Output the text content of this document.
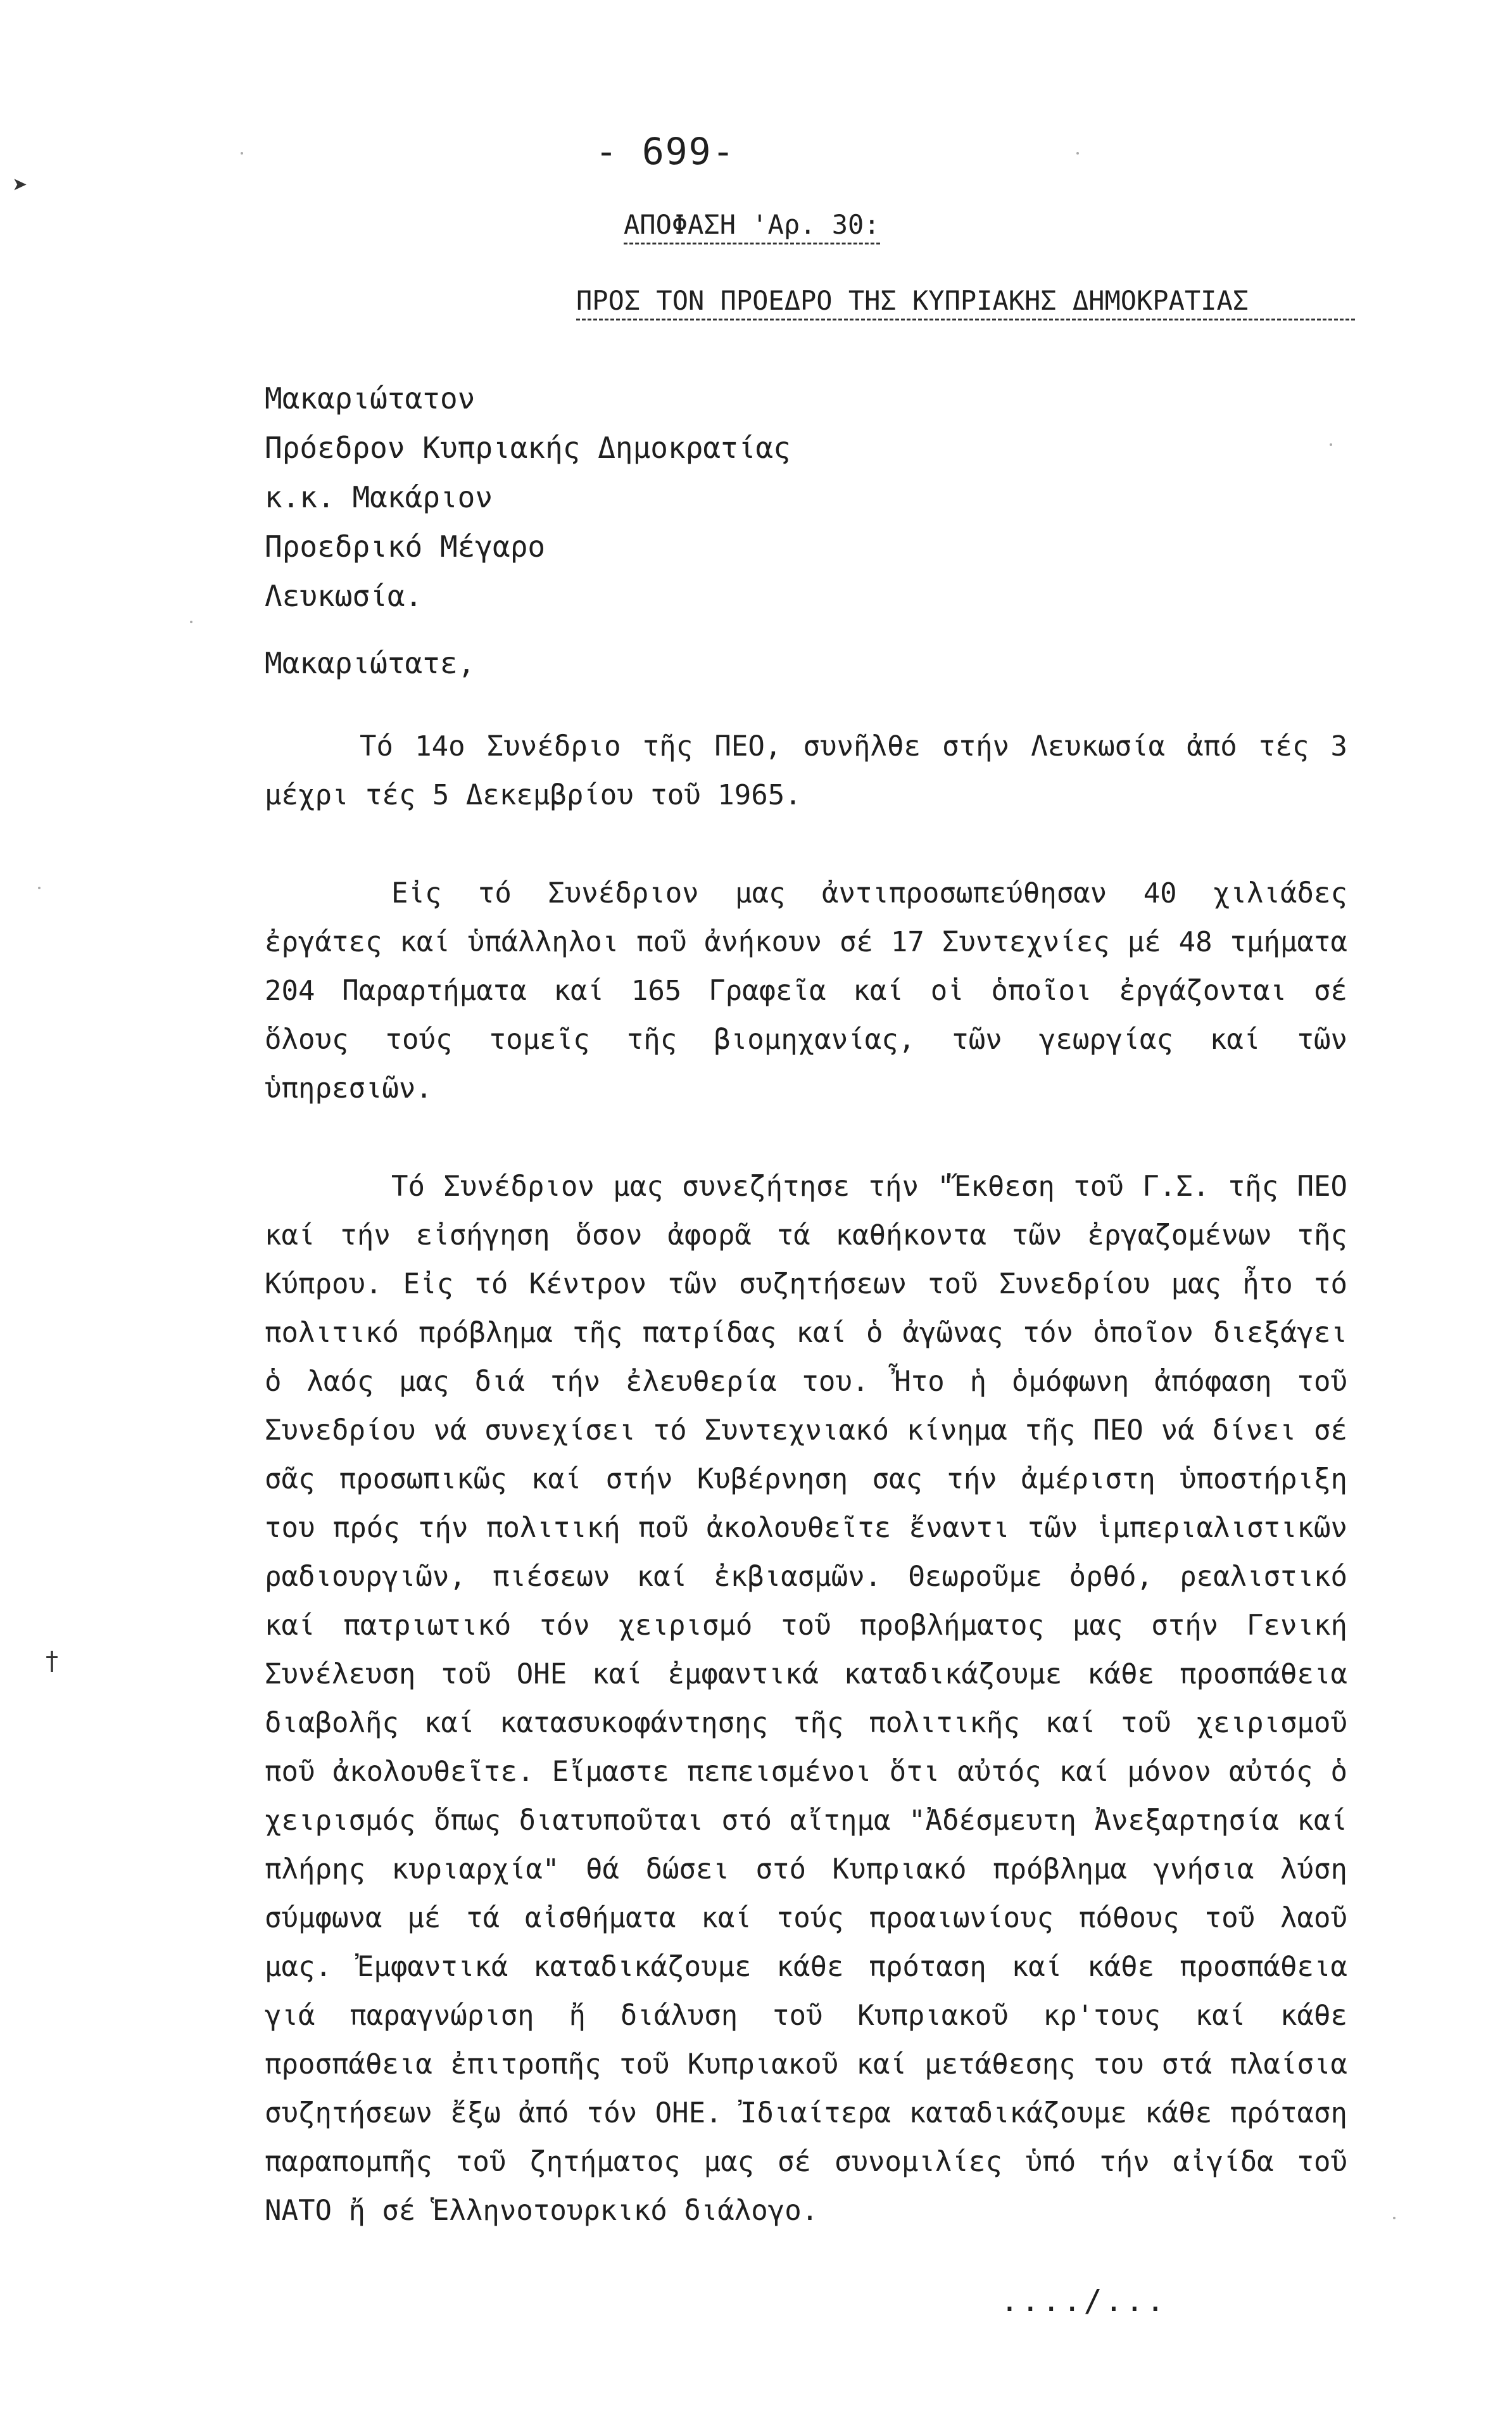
- 699-
ΑΠΟΦΑΣΗ 'Αρ. 30:
ΠΡΟΣ ΤΟΝ ΠΡΟΕΔΡΟ ΤΗΣ ΚΥΠΡΙΑΚΗΣ ΔΗΜΟΚΡΑΤΙΑΣ
Μακαριώτατον
Πρόεδρον Κυπριακής Δημοκρατίας
κ.κ. Μακάριον
Προεδρικό Μέγαρο
Λευκωσία.
Μακαριώτατε,

Τό 14ο Συνέδριο τῆς ΠΕΟ, συνῆλθε στήν Λευκωσία ἀπό τές 3 μέχρι τές 5 Δεκεμβρίου τοῦ 1965.

Εἰς τό Συνέδριον μας ἀντιπροσωπεύθησαν 40 χιλιάδες ἐργάτες καί ὑπάλληλοι ποῦ ἀνήκουν σέ 17 Συντεχνίες μέ 48 τμήματα 204 Παραρτήματα καί 165 Γραφεῖα καί οἱ ὁποῖοι ἐργάζονται σέ ὅλους τούς τομεῖς τῆς βιομηχανίας, τῶν γεωργίας καί τῶν ὑπηρεσιῶν.

Τό Συνέδριον μας συνεζήτησε τήν "Ἔκθεση τοῦ Γ.Σ. τῆς ΠΕΟ καί τήν εἰσήγηση ὅσον ἀφορᾶ τά καθήκοντα τῶν ἐργαζομένων τῆς Κύπρου. Εἰς τό Κέντρον τῶν συζητήσεων τοῦ Συνεδρίου μας ἦτο τό πολιτικό πρόβλημα τῆς πατρίδας καί ὁ ἀγῶνας τόν ὁποῖον διεξάγει ὁ λαός μας διά τήν ἐλευθερία του. Ἦτο ἡ ὁμόφωνη ἀπόφαση τοῦ Συνεδρίου νά συνεχίσει τό Συντεχνιακό κίνημα τῆς ΠΕΟ νά δίνει σέ σᾶς προσωπικῶς καί στήν Κυβέρνηση σας τήν ἀμέριστη ὑποστήριξη του πρός τήν πολιτική ποῦ ἀκολουθεῖτε ἔναντι τῶν ἱμπεριαλιστικῶν ραδιουργιῶν, πιέσεων καί ἐκβιασμῶν. Θεωροῦμε ὀρθό, ρεαλιστικό καί πατριωτικό τόν χειρισμό τοῦ προβλήματος μας στήν Γενική Συνέλευση τοῦ ΟΗΕ καί ἐμφαντικά καταδικάζουμε κάθε προσπάθεια διαβολῆς καί κατασυκοφάντησης τῆς πολιτικῆς καί τοῦ χειρισμοῦ ποῦ ἀκολουθεῖτε. Εἴμαστε πεπεισμένοι ὅτι αὐτός καί μόνον αὐτός ὁ χειρισμός ὅπως διατυποῦται στό αἴτημα "Ἀδέσμευτη Ἀνεξαρτησία καί πλήρης κυριαρχία" θά δώσει στό Κυπριακό πρόβλημα γνήσια λύση σύμφωνα μέ τά αἰσθήματα καί τούς προαιωνίους πόθους τοῦ λαοῦ μας. Ἐμφαντικά καταδικάζουμε κάθε πρόταση καί κάθε προσπάθεια γιά παραγνώριση ἤ διάλυση τοῦ Κυπριακοῦ κρ'τους καί κάθε προσπάθεια ἐπιτροπῆς τοῦ Κυπριακοῦ καί μετάθεσης του στά πλαίσια συζητήσεων ἔξω ἀπό τόν ΟΗΕ. Ἰδιαίτερα καταδικάζουμε κάθε πρόταση παραπομπῆς τοῦ ζητήματος μας σέ συνομιλίες ὑπό τήν αἰγίδα τοῦ ΝΑΤΟ ἤ σέ Ἑλληνοτουρκικό διάλογο.

..../...
➤
†
